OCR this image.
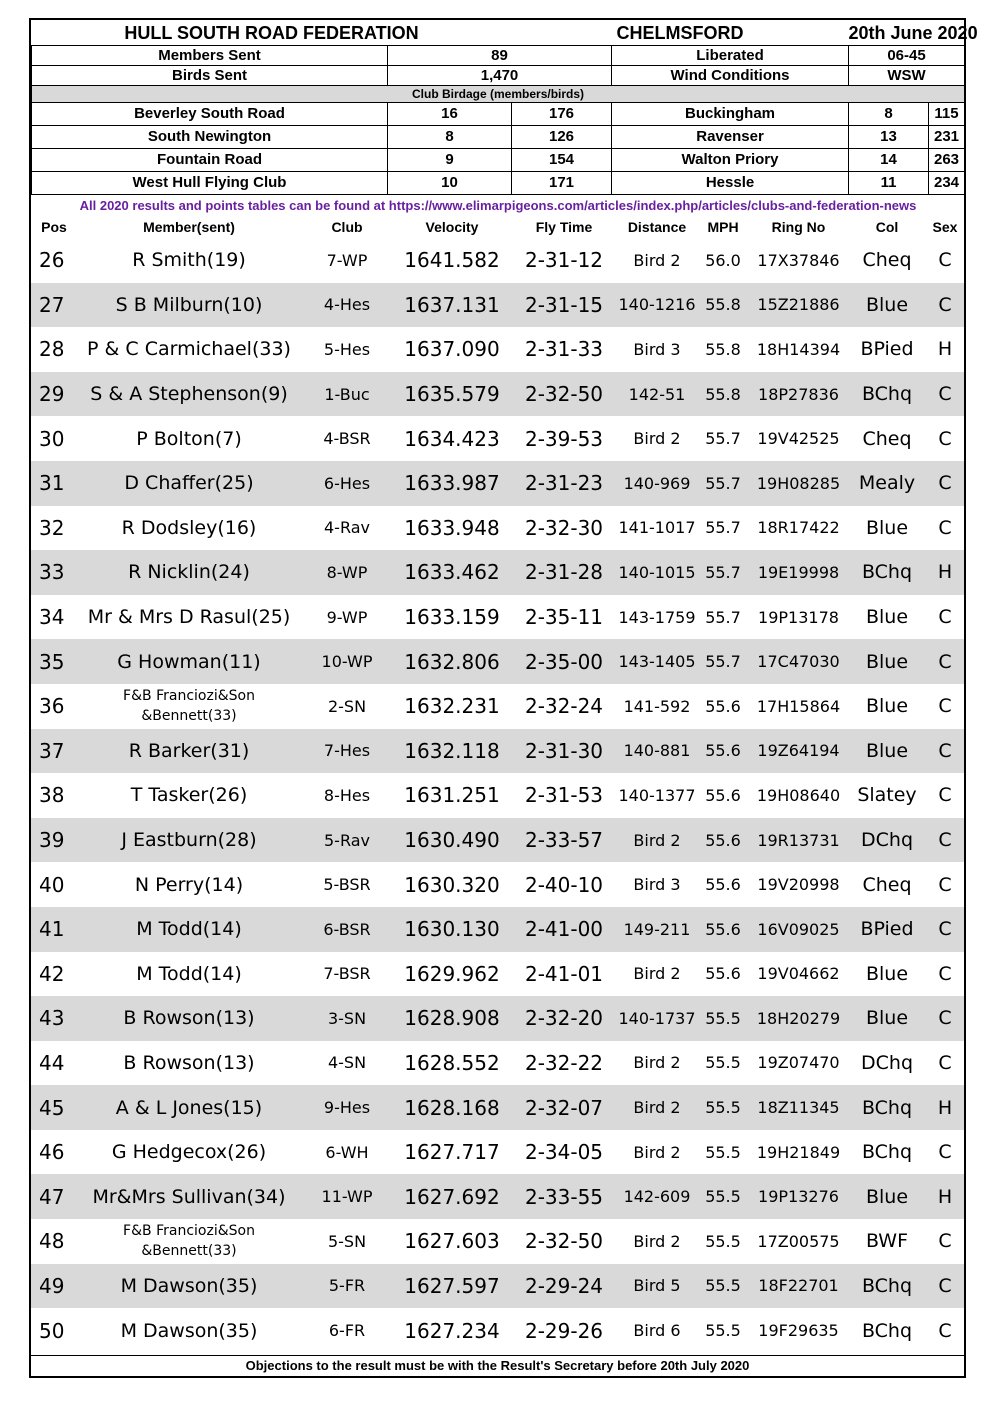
HULL SOUTH ROAD FEDERATION		CHELMSFORD		20th June 2020	
Members Sent	89		Liberated	06-45	
Birds Sent	1,470		Wind Conditions	WSW	
Club Birdage (members/birds)					
Beverley South Road	16	176	Buckingham	8	115
South Newington	8	126	Ravenser	13	231
Fountain Road	9	154	Walton Priory	14	263
West Hull Flying Club	10	171	Hessle	11	234
All 2020 results and points tables can be found at https://www.elimarpigeons.com/articles/index.php/articles/clubs-and-federation-news					
Pos	Member(sent)	Club	Velocity	Fly Time	Distance	MPH	Ring No	Col	Sex
26	R Smith(19)	7-WP	1641.582	2-31-12	Bird 2	56.0	17X37846	Cheq	C
27	S B Milburn(10)	4-Hes	1637.131	2-31-15	140-1216	55.8	15Z21886	Blue	C
28	P & C Carmichael(33)	5-Hes	1637.090	2-31-33	Bird 3	55.8	18H14394	BPied	H
29	S & A Stephenson(9)	1-Buc	1635.579	2-32-50	142-51	55.8	18P27836	BChq	C
30	P Bolton(7)	4-BSR	1634.423	2-39-53	Bird 2	55.7	19V42525	Cheq	C
31	D Chaffer(25)	6-Hes	1633.987	2-31-23	140-969	55.7	19H08285	Mealy	C
32	R Dodsley(16)	4-Rav	1633.948	2-32-30	141-1017	55.7	18R17422	Blue	C
33	R Nicklin(24)	8-WP	1633.462	2-31-28	140-1015	55.7	19E19998	BChq	H
34	Mr & Mrs D Rasul(25)	9-WP	1633.159	2-35-11	143-1759	55.7	19P13178	Blue	C
35	G Howman(11)	10-WP	1632.806	2-35-00	143-1405	55.7	17C47030	Blue	C
36	F&B Franciozi&Son &Bennett(33)	2-SN	1632.231	2-32-24	141-592	55.6	17H15864	Blue	C
37	R Barker(31)	7-Hes	1632.118	2-31-30	140-881	55.6	19Z64194	Blue	C
38	T Tasker(26)	8-Hes	1631.251	2-31-53	140-1377	55.6	19H08640	Slatey	C
39	J Eastburn(28)	5-Rav	1630.490	2-33-57	Bird 2	55.6	19R13731	DChq	C
40	N Perry(14)	5-BSR	1630.320	2-40-10	Bird 3	55.6	19V20998	Cheq	C
41	M Todd(14)	6-BSR	1630.130	2-41-00	149-211	55.6	16V09025	BPied	C
42	M Todd(14)	7-BSR	1629.962	2-41-01	Bird 2	55.6	19V04662	Blue	C
43	B Rowson(13)	3-SN	1628.908	2-32-20	140-1737	55.5	18H20279	Blue	C
44	B Rowson(13)	4-SN	1628.552	2-32-22	Bird 2	55.5	19Z07470	DChq	C
45	A & L Jones(15)	9-Hes	1628.168	2-32-07	Bird 2	55.5	18Z11345	BChq	H
46	G Hedgecox(26)	6-WH	1627.717	2-34-05	Bird 2	55.5	19H21849	BChq	C
47	Mr&Mrs Sullivan(34)	11-WP	1627.692	2-33-55	142-609	55.5	19P13276	Blue	H
48	F&B Franciozi&Son &Bennett(33)	5-SN	1627.603	2-32-50	Bird 2	55.5	17Z00575	BWF	C
49	M Dawson(35)	5-FR	1627.597	2-29-24	Bird 5	55.5	18F22701	BChq	C
50	M Dawson(35)	6-FR	1627.234	2-29-26	Bird 6	55.5	19F29635	BChq	C
Objections to the result must be with the Result's Secretary before 20th July 2020
